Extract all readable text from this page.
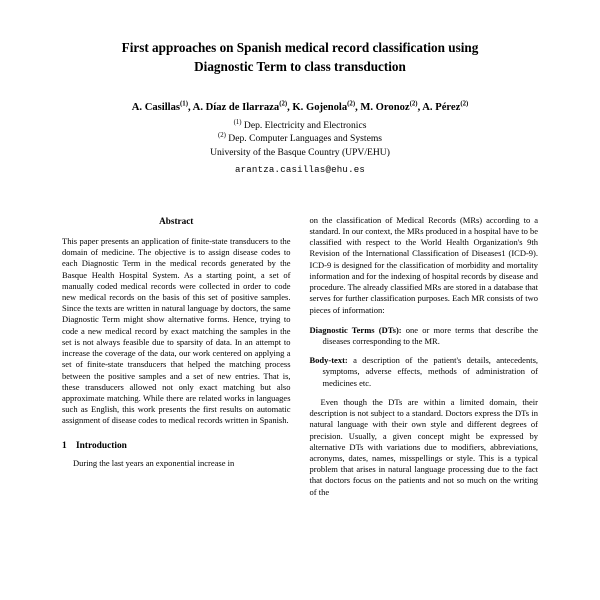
First approaches on Spanish medical record classification using
Diagnostic Term to class transduction
A. Casillas$^{(1)}$, A. Díaz de Ilarraza$^{(2)}$, K. Gojenola$^{(2)}$, M. Oronoz$^{(2)}$, A. Pérez$^{(2)}$
$^{(1)}$ Dep. Electricity and Electronics
$^{(2)}$ Dep. Computer Languages and Systems
University of the Basque Country (UPV/EHU)
arantza.casillas@ehu.es
Abstract

This paper presents an application of finite-state transducers to the domain of medicine. The objective is to assign disease codes to each Diagnostic Term in the medical records generated by the Basque Health Hospital System. As a starting point, a set of manually coded medical records were collected in order to code new medical records on the basis of this set of positive samples. Since the texts are written in natural language by doctors, the same Diagnostic Term might show alternative forms. Hence, trying to code a new medical record by exact matching the samples in the set is not always feasible due to sparsity of data. In an attempt to increase the coverage of the data, our work centered on applying a set of finite-state transducers that helped the matching process between the positive samples and a set of new entries. That is, these transducers allowed not only exact matching but also approximate matching. While there are related works in languages such as English, this work presents the first results on automatic assignment of disease codes to medical records written in Spanish.

1 Introduction

During the last years an exponential increase in

on the classification of Medical Records (MRs) according to a standard. In our context, the MRs produced in a hospital have to be classified with respect to the World Health Organization's 9th Revision of the International Classification of Diseases1 (ICD-9). ICD-9 is designed for the classification of morbidity and mortality information and for the indexing of hospital records by disease and procedure. The already classified MRs are stored in a database that serves for further classification purposes. Each MR consists of two pieces of information:

Diagnostic Terms (DTs): one or more terms that describe the diseases corresponding to the MR.
Body-text: a description of the patient's details, antecedents, symptoms, adverse effects, methods of administration of medicines etc.

Even though the DTs are within a limited domain, their description is not subject to a standard. Doctors express the DTs in natural language with their own style and different degrees of precision. Usually, a given concept might be expressed by alternative DTs with variations due to modifiers, abbreviations, acronyms, dates, names, misspellings or style. This is a typical problem that arises in natural language processing due to the fact that doctors focus on the patients and not so much on the writing of the
